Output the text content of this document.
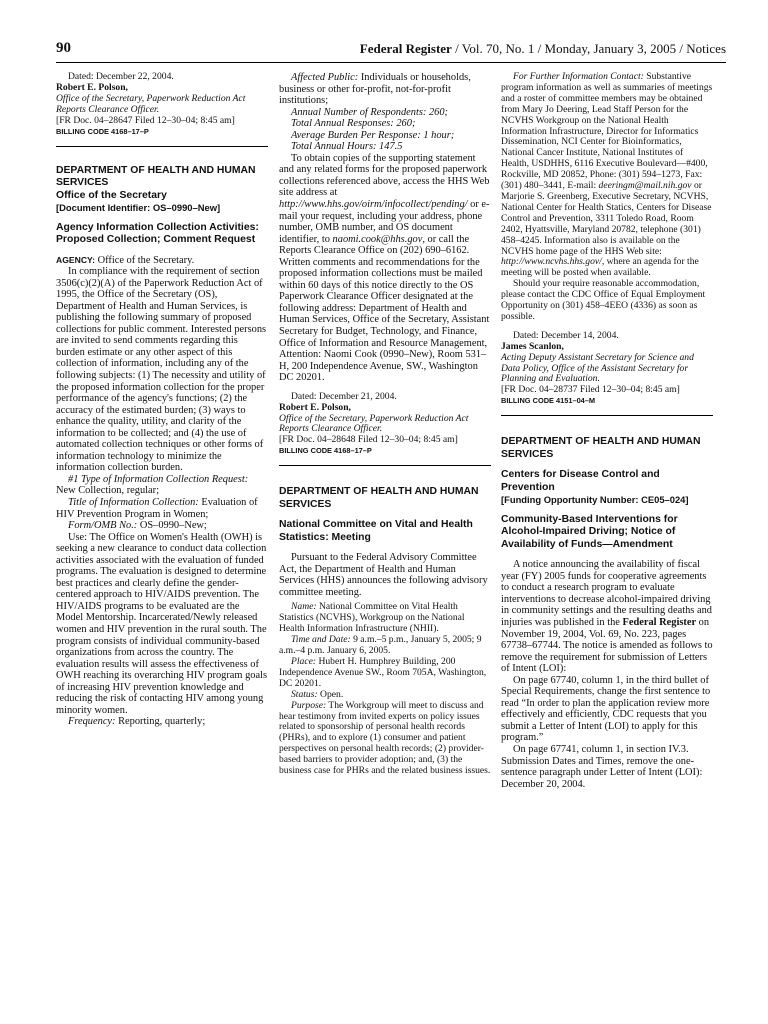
90	Federal Register / Vol. 70, No. 1 / Monday, January 3, 2005 / Notices

Dated: December 22, 2004.

Robert E. Polson,

Office of the Secretary, Paperwork Reduction Act Reports Clearance Officer.

[FR Doc. 04–28647 Filed 12–30–04; 8:45 am]

BILLING CODE 4168–17–P

DEPARTMENT OF HEALTH AND HUMAN SERVICES

Office of the Secretary

[Document Identifier: OS–0990–New]

Agency Information Collection Activities: Proposed Collection; Comment Request

AGENCY: Office of the Secretary.

In compliance with the requirement of section 3506(c)(2)(A) of the Paperwork Reduction Act of 1995, the Office of the Secretary (OS), Department of Health and Human Services, is publishing the following summary of proposed collections for public comment. Interested persons are invited to send comments regarding this burden estimate or any other aspect of this collection of information, including any of the following subjects: (1) The necessity and utility of the proposed information collection for the proper performance of the agency's functions; (2) the accuracy of the estimated burden; (3) ways to enhance the quality, utility, and clarity of the information to be collected; and (4) the use of automated collection techniques or other forms of information technology to minimize the information collection burden.

#1 Type of Information Collection Request: New Collection, regular;

Title of Information Collection: Evaluation of HIV Prevention Program in Women;

Form/OMB No.: OS–0990–New;

Use: The Office on Women's Health (OWH) is seeking a new clearance to conduct data collection activities associated with the evaluation of funded programs. The evaluation is designed to determine best practices and clearly define the gender-centered approach to HIV/AIDS prevention. The HIV/AIDS programs to be evaluated are the Model Mentorship. Incarcerated/Newly released women and HIV prevention in the rural south. The program consists of individual community-based organizations from across the country. The evaluation results will assess the effectiveness of OWH reaching its overarching HIV program goals of increasing HIV prevention knowledge and reducing the risk of contacting HIV among young minority women.

Frequency: Reporting, quarterly;

Affected Public: Individuals or households, business or other for-profit, not-for-profit institutions;

Annual Number of Respondents: 260;

Total Annual Responses: 260;

Average Burden Per Response: 1 hour;

Total Annual Hours: 147.5

To obtain copies of the supporting statement and any related forms for the proposed paperwork collections referenced above, access the HHS Web site address at http://www.hhs.gov/oirm/infocollect/pending/ or e-mail your request, including your address, phone number, OMB number, and OS document identifier, to naomi.cook@hhs.gov, or call the Reports Clearance Office on (202) 690–6162. Written comments and recommendations for the proposed information collections must be mailed within 60 days of this notice directly to the OS Paperwork Clearance Officer designated at the following address: Department of Health and Human Services, Office of the Secretary, Assistant Secretary for Budget, Technology, and Finance, Office of Information and Resource Management, Attention: Naomi Cook (0990–New), Room 531–H, 200 Independence Avenue, SW., Washington DC 20201.

Dated: December 21, 2004.

Robert E. Polson,

Office of the Secretary, Paperwork Reduction Act Reports Clearance Officer.

[FR Doc. 04–28648 Filed 12–30–04; 8:45 am]

BILLING CODE 4168–17–P

DEPARTMENT OF HEALTH AND HUMAN SERVICES

National Committee on Vital and Health Statistics: Meeting

Pursuant to the Federal Advisory Committee Act, the Department of Health and Human Services (HHS) announces the following advisory committee meeting.

Name: National Committee on Vital Health Statistics (NCVHS), Workgroup on the National Health Information Infrastructure (NHII).

Time and Date: 9 a.m.–5 p.m., January 5, 2005; 9 a.m.–4 p.m. January 6, 2005.

Place: Hubert H. Humphrey Building, 200 Independence Avenue SW., Room 705A, Washington, DC 20201.

Status: Open.

Purpose: The Workgroup will meet to discuss and hear testimony from invited experts on policy issues related to sponsorship of personal health records (PHRs), and to explore (1) consumer and patient perspectives on personal health records; (2) provider-based barriers to provider adoption; and, (3) the business case for PHRs and the related business issues.

For Further Information Contact: Substantive program information as well as summaries of meetings and a roster of committee members may be obtained from Mary Jo Deering, Lead Staff Person for the NCVHS Workgroup on the National Health Information Infrastructure, Director for Informatics Dissemination, NCI Center for Bioinformatics, National Cancer Institute, National Institutes of Health, USDHHS, 6116 Executive Boulevard—#400, Rockville, MD 20852, Phone: (301) 594–1273, Fax: (301) 480–3441, E-mail: deeringm@mail.nih.gov or Marjorie S. Greenberg, Executive Secretary, NCVHS, National Center for Health Statics, Centers for Disease Control and Prevention, 3311 Toledo Road, Room 2402, Hyattsville, Maryland 20782, telephone (301) 458–4245. Information also is available on the NCVHS home page of the HHS Web site: http://www.ncvhs.hhs.gov/, where an agenda for the meeting will be posted when available.

Should your require reasonable accommodation, please contact the CDC Office of Equal Employment Opportunity on (301) 458–4EEO (4336) as soon as possible.

Dated: December 14, 2004.

James Scanlon,

Acting Deputy Assistant Secretary for Science and Data Policy, Office of the Assistant Secretary for Planning and Evaluation.

[FR Doc. 04–28737 Filed 12–30–04; 8:45 am]

BILLING CODE 4151–04–M

DEPARTMENT OF HEALTH AND HUMAN SERVICES

Centers for Disease Control and Prevention

[Funding Opportunity Number: CE05–024]

Community-Based Interventions for Alcohol-Impaired Driving; Notice of Availability of Funds—Amendment

A notice announcing the availability of fiscal year (FY) 2005 funds for cooperative agreements to conduct a research program to evaluate interventions to decrease alcohol-impaired driving in community settings and the resulting deaths and injuries was published in the Federal Register on November 19, 2004, Vol. 69, No. 223, pages 67738–67744. The notice is amended as follows to remove the requirement for submission of Letters of Intent (LOI):

On page 67740, column 1, in the third bullet of Special Requirements, change the first sentence to read “In order to plan the application review more effectively and efficiently, CDC requests that you submit a Letter of Intent (LOI) to apply for this program.”

On page 67741, column 1, in section IV.3. Submission Dates and Times, remove the one-sentence paragraph under Letter of Intent (LOI): December 20, 2004.
